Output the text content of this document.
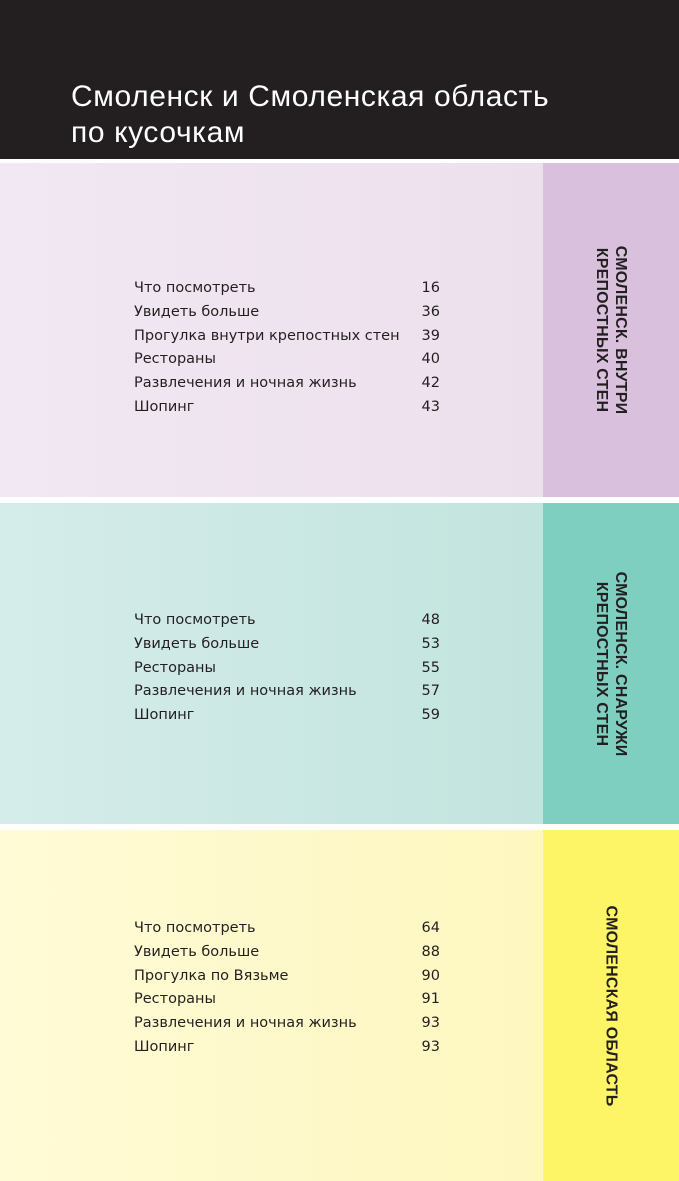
Смоленск и Смоленская область
по кусочкам
Что посмотреть	16
Увидеть больше	36
Прогулка внутри крепостных стен 39
Рестораны	40
Развлечения и ночная жизнь	42
Шопинг	43	СМОЛЕНСК. ВНУТРИ
КРЕПОСТНЫХ СТЕН
Что посмотреть	48
Увидеть больше	53
Рестораны	55
Развлечения и ночная жизнь	57
Шопинг	59	СМОЛЕНСК. СНАРУЖИ
КРЕПОСТНЫХ СТЕН
Что посмотреть	64
Увидеть больше	88
Прогулка по Вязьме	90
Рестораны	91
Развлечения и ночная жизнь	93
Шопинг	93	СМОЛЕНСКАЯ ОБЛАСТЬ
